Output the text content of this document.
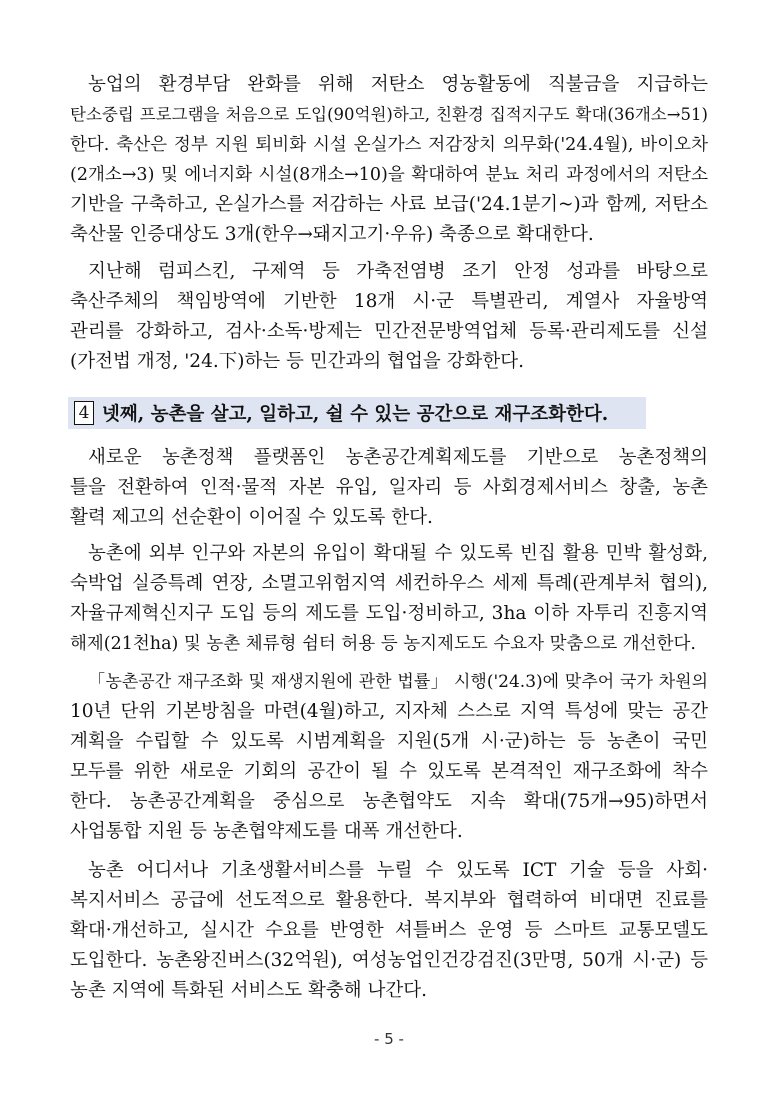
농업의 환경부담 완화를 위해 저탄소 영농활동에 직불금을 지급하는
탄소중립 프로그램을 처음으로 도입(90억원)하고, 친환경 집적지구도 확대(36개소→51)
한다. 축산은 정부 지원 퇴비화 시설 온실가스 저감장치 의무화('24.4월), 바이오차
(2개소→3) 및 에너지화 시설(8개소→10)을 확대하여 분뇨 처리 과정에서의 저탄소
기반을 구축하고, 온실가스를 저감하는 사료 보급('24.1분기~)과 함께, 저탄소
축산물 인증대상도 3개(한우→돼지고기·우유) 축종으로 확대한다.
지난해 럼피스킨, 구제역 등 가축전염병 조기 안정 성과를 바탕으로
축산주체의 책임방역에 기반한 18개 시·군 특별관리, 계열사 자율방역
관리를 강화하고, 검사·소독·방제는 민간전문방역업체 등록·관리제도를 신설
(가전법 개정, '24.下)하는 등 민간과의 협업을 강화한다.
4 넷째, 농촌을 살고, 일하고, 쉴 수 있는 공간으로 재구조화한다.
새로운 농촌정책 플랫폼인 농촌공간계획제도를 기반으로 농촌정책의
틀을 전환하여 인적·물적 자본 유입, 일자리 등 사회경제서비스 창출, 농촌
활력 제고의 선순환이 이어질 수 있도록 한다.
농촌에 외부 인구와 자본의 유입이 확대될 수 있도록 빈집 활용 민박 활성화,
숙박업 실증특례 연장, 소멸고위험지역 세컨하우스 세제 특례(관계부처 협의),
자율규제혁신지구 도입 등의 제도를 도입·정비하고, 3ha 이하 자투리 진흥지역
해제(21천ha) 및 농촌 체류형 쉼터 허용 등 농지제도도 수요자 맞춤으로 개선한다.
「농촌공간 재구조화 및 재생지원에 관한 법률」 시행('24.3)에 맞추어 국가 차원의
10년 단위 기본방침을 마련(4월)하고, 지자체 스스로 지역 특성에 맞는 공간
계획을 수립할 수 있도록 시범계획을 지원(5개 시·군)하는 등 농촌이 국민
모두를 위한 새로운 기회의 공간이 될 수 있도록 본격적인 재구조화에 착수
한다. 농촌공간계획을 중심으로 농촌협약도 지속 확대(75개→95)하면서
사업통합 지원 등 농촌협약제도를 대폭 개선한다.
농촌 어디서나 기초생활서비스를 누릴 수 있도록 ICT 기술 등을 사회·
복지서비스 공급에 선도적으로 활용한다. 복지부와 협력하여 비대면 진료를
확대·개선하고, 실시간 수요를 반영한 셔틀버스 운영 등 스마트 교통모델도
도입한다. 농촌왕진버스(32억원), 여성농업인건강검진(3만명, 50개 시·군) 등
농촌 지역에 특화된 서비스도 확충해 나간다.
- 5 -
